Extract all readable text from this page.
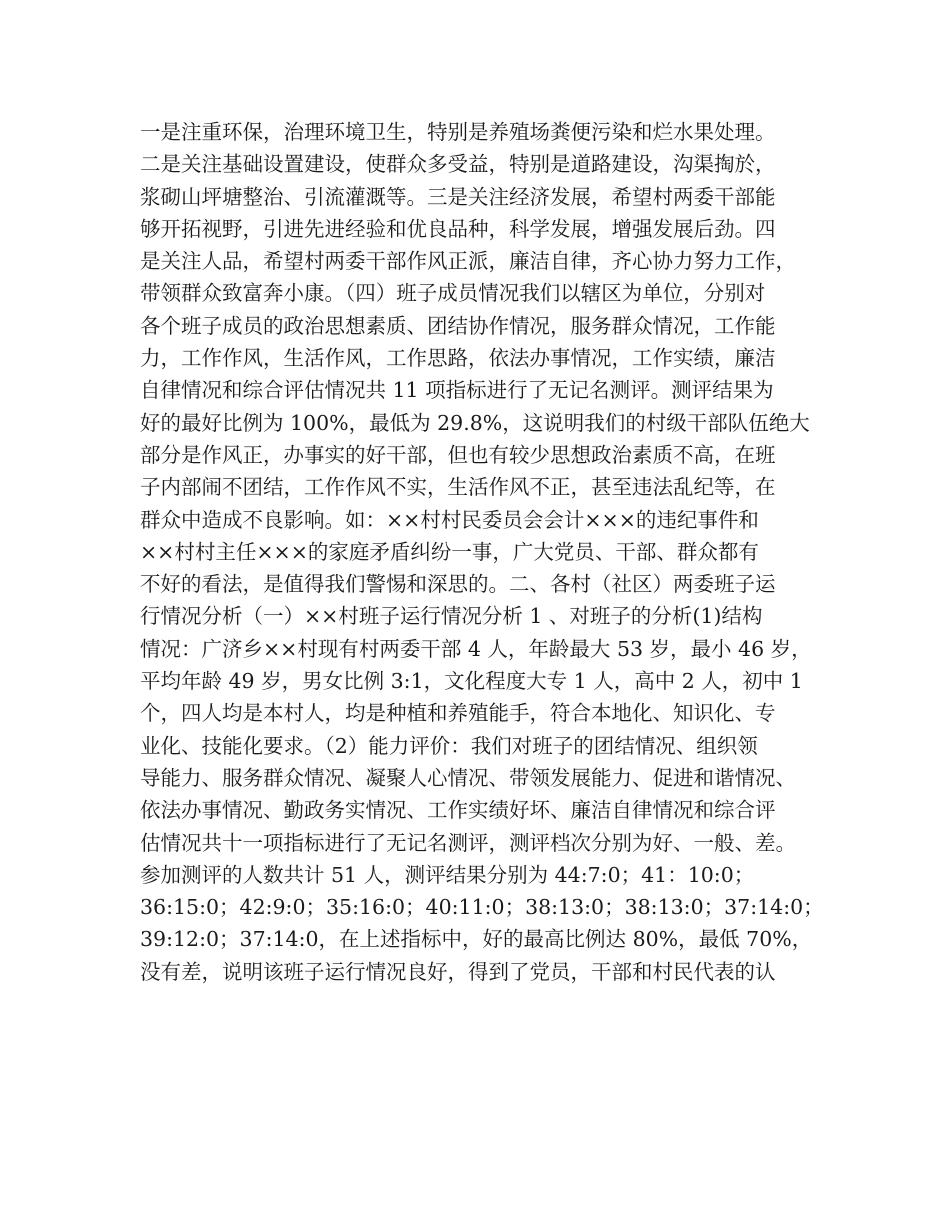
一是注重环保，治理环境卫生，特别是养殖场粪便污染和烂水果处理。
二是关注基础设置建设，使群众多受益，特别是道路建设，沟渠掏於，
浆砌山坪塘整治、引流灌溉等。三是关注经济发展，希望村两委干部能
够开拓视野，引进先进经验和优良品种，科学发展，增强发展后劲。四
是关注人品，希望村两委干部作风正派，廉洁自律，齐心协力努力工作，
带领群众致富奔小康。（四）班子成员情况我们以辖区为单位，分别对
各个班子成员的政治思想素质、团结协作情况，服务群众情况，工作能
力，工作作风，生活作风，工作思路，依法办事情况，工作实绩，廉洁
自律情况和综合评估情况共 11 项指标进行了无记名测评。测评结果为
好的最好比例为 100%，最低为 29.8%，这说明我们的村级干部队伍绝大
部分是作风正，办事实的好干部，但也有较少思想政治素质不高，在班
子内部闹不团结，工作作风不实，生活作风不正，甚至违法乱纪等，在
群众中造成不良影响。如：××村村民委员会会计×××的违纪事件和
××村村主任×××的家庭矛盾纠纷一事，广大党员、干部、群众都有
不好的看法，是值得我们警惕和深思的。二、各村（社区）两委班子运
行情况分析（一）××村班子运行情况分析 1 、对班子的分析(1)结构
情况：广济乡××村现有村两委干部 4 人，年龄最大 53 岁，最小 46 岁，
平均年龄 49 岁，男女比例 3:1，文化程度大专 1 人，高中 2 人，初中 1
个，四人均是本村人，均是种植和养殖能手，符合本地化、知识化、专
业化、技能化要求。（2）能力评价：我们对班子的团结情况、组织领
导能力、服务群众情况、凝聚人心情况、带领发展能力、促进和谐情况、
依法办事情况、勤政务实情况、工作实绩好坏、廉洁自律情况和综合评
估情况共十一项指标进行了无记名测评，测评档次分别为好、一般、差。
参加测评的人数共计 51 人，测评结果分别为 44:7:0；41：10:0；
36:15:0；42:9:0；35:16:0；40:11:0；38:13:0；38:13:0；37:14:0；
39:12:0；37:14:0，在上述指标中，好的最高比例达 80%，最低 70%，
没有差，说明该班子运行情况良好，得到了党员，干部和村民代表的认
